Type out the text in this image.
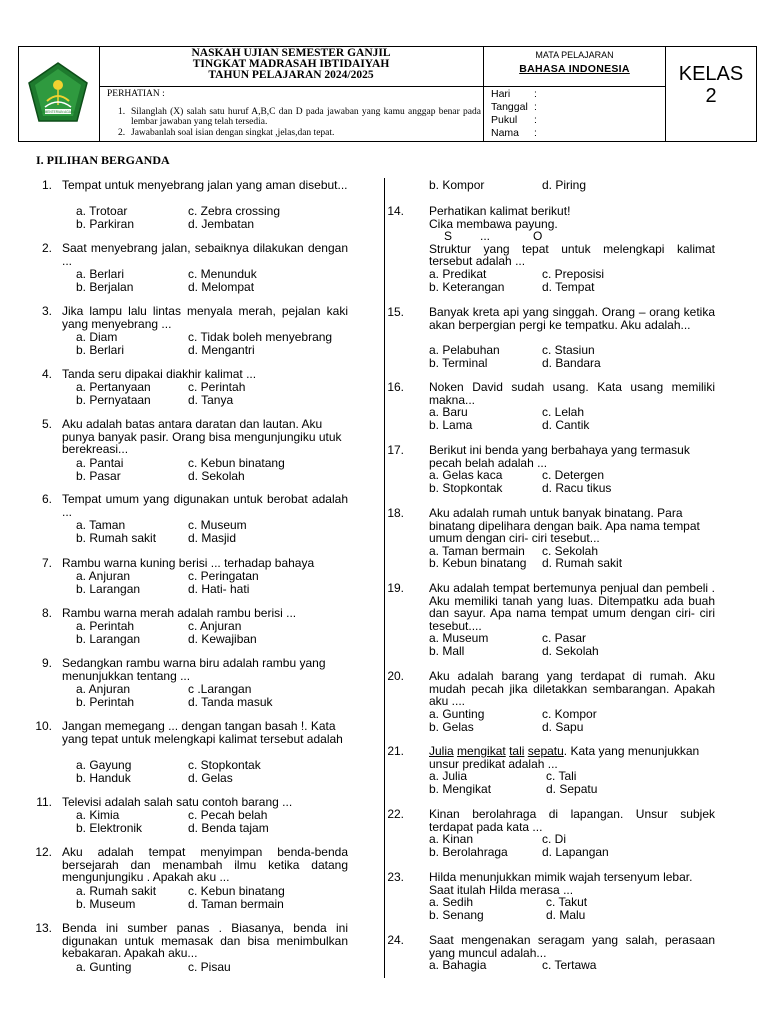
KEMENTERIAN AGAMA
NASKAH UJIAN SEMESTER GANJIL
TINGKAT MADRASAH IBTIDAIYAH
TAHUN PELAJARAN 2024/2025
PERHATIAN :
1. Silanglah (X) salah satu huruf A,B,C dan D pada jawaban yang kamu anggap benar pada lembar jawaban yang telah tersedia.
2. Jawabanlah soal isian dengan singkat ,jelas,dan tepat.
MATA PELAJARAN
BAHASA INDONESIA
Hari :
Tanggal :
Pukul :
Nama :
KELAS
2
I. PILIHAN BERGANDA
1. Tempat untuk menyebrang jalan yang aman disebut...
a. Trotoar	c. Zebra crossing
b. Parkiran	d. Jembatan
2. Saat menyebrang jalan, sebaiknya dilakukan dengan ...
a. Berlari	c. Menunduk
b. Berjalan	d. Melompat
3. Jika lampu lalu lintas menyala merah, pejalan kaki yang menyebrang ...
a. Diam	c. Tidak boleh menyebrang
b. Berlari	d. Mengantri
4. Tanda seru dipakai diakhir kalimat ...
a. Pertanyaan	c. Perintah
b. Pernyataan	d. Tanya
5. Aku adalah batas antara daratan dan lautan. Aku punya banyak pasir. Orang bisa mengunjungiku utuk berekreasi...
a. Pantai	c. Kebun binatang
b. Pasar	d. Sekolah
6. Tempat umum yang digunakan untuk berobat adalah ...
a. Taman	c. Museum
b. Rumah sakit	d. Masjid
7. Rambu warna kuning berisi ... terhadap bahaya
a. Anjuran	c. Peringatan
b. Larangan	d. Hati- hati
8. Rambu warna merah adalah rambu berisi ...
a. Perintah	c. Anjuran
b. Larangan	d. Kewajiban
9. Sedangkan rambu warna biru adalah rambu yang menunjukkan tentang ...
a. Anjuran	c .Larangan
b. Perintah	d. Tanda masuk
10. Jangan memegang ... dengan tangan basah !. Kata yang tepat untuk melengkapi kalimat tersebut adalah
a. Gayung	c. Stopkontak
b. Handuk	d. Gelas
11. Televisi adalah salah satu contoh barang ...
a. Kimia	c. Pecah belah
b. Elektronik	d. Benda tajam
12. Aku adalah tempat menyimpan benda-benda bersejarah dan menambah ilmu ketika datang mengunjungiku . Apakah aku ...
a. Rumah sakit	c. Kebun binatang
b. Museum	d. Taman bermain
13. Benda ini sumber panas . Biasanya, benda ini digunakan untuk memasak dan bisa menimbulkan kebakaran. Apakah aku...
a. Gunting	c. Pisau
b. Kompor	d. Piring
14. Perhatikan kalimat berikut!
Cika membawa payung.
S ...	O
Struktur yang tepat untuk melengkapi kalimat tersebut adalah ...
a. Predikat	c. Preposisi
b. Keterangan	d. Tempat
15. Banyak kreta api yang singgah. Orang – orang ketika akan berpergian pergi ke tempatku. Aku adalah...
a. Pelabuhan	c. Stasiun
b. Terminal	d. Bandara
16. Noken David sudah usang. Kata usang memiliki makna...
a. Baru	c. Lelah
b. Lama	d. Cantik
17. Berikut ini benda yang berbahaya yang termasuk pecah belah adalah ...
a. Gelas kaca	c. Detergen
b. Stopkontak	d. Racu tikus
18. Aku adalah rumah untuk banyak binatang. Para binatang dipelihara dengan baik. Apa nama tempat umum dengan ciri- ciri tesebut...
a. Taman bermain c. Sekolah
b. Kebun binatang d. Rumah sakit
19. Aku adalah tempat bertemunya penjual dan pembeli . Aku memiliki tanah yang luas. Ditempatku ada buah dan sayur. Apa nama tempat umum dengan ciri- ciri tesebut....
a. Museum	c. Pasar
b. Mall	d. Sekolah
20. Aku adalah barang yang terdapat di rumah. Aku mudah pecah jika diletakkan sembarangan. Apakah aku ....
a. Gunting	c. Kompor
b. Gelas	d. Sapu
21. Julia mengikat tali sepatu. Kata yang menunjukkan unsur predikat adalah ...
a. Julia	c. Tali
b. Mengikat	d. Sepatu
22. Kinan berolahraga di lapangan. Unsur subjek terdapat pada kata ...
a. Kinan	c. Di
b. Berolahraga	d. Lapangan
23. Hilda menunjukkan mimik wajah tersenyum lebar. Saat itulah Hilda merasa ...
a. Sedih	c. Takut
b. Senang	d. Malu
24. Saat mengenakan seragam yang salah, perasaan yang muncul adalah...
a. Bahagia	c. Tertawa
